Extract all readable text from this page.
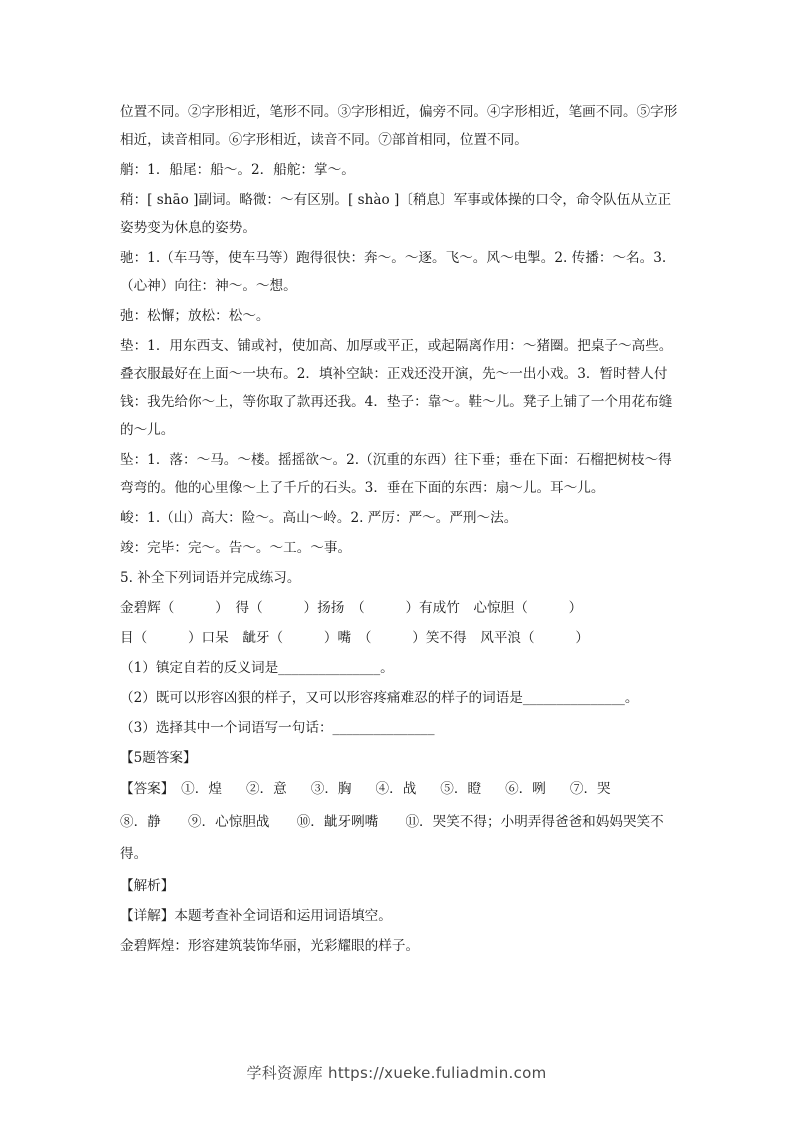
位置不同。②字形相近，笔形不同。③字形相近，偏旁不同。④字形相近，笔画不同。⑤字形相近，读音相同。⑥字形相近，读音不同。⑦部首相同，位置不同。

艄：1．船尾：船～。2．船舵：掌～。

稍：[ shāo ]副词。略微：～有区别。[ shào ]〔稍息〕军事或体操的口令，命令队伍从立正姿势变为休息的姿势。

驰：1.（车马等，使车马等）跑得很快：奔～。～逐。飞～。风～电掣。2. 传播：～名。3.（心神）向往：神～。～想。

弛：松懈；放松：松～。

垫：1．用东西支、铺或衬，使加高、加厚或平正，或起隔离作用：～猪圈。把桌子～高些。叠衣服最好在上面～一块布。2．填补空缺：正戏还没开演，先～一出小戏。3．暂时替人付钱：我先给你～上，等你取了款再还我。4．垫子：靠～。鞋～儿。凳子上铺了一个用花布缝的～儿。

坠：1．落：～马。～楼。摇摇欲～。2.（沉重的东西）往下垂；垂在下面：石榴把树枝～得弯弯的。他的心里像～上了千斤的石头。3．垂在下面的东西：扇～儿。耳～儿。

峻：1.（山）高大：险～。高山～岭。2. 严厉：严～。严刑～法。

竣：完毕：完～。告～。～工。～事。

5. 补全下列词语并完成练习。

金碧辉（　　　）　得（　　　）扬扬　（　　　）有成竹　心惊胆（　　　）

目（　　　）口呆　龇牙（　　　）嘴　（　　　）笑不得　风平浪（　　　）

（1）镇定自若的反义词是_______________。

（2）既可以形容凶狠的样子，又可以形容疼痛难忍的样子的词语是_______________。

（3）选择其中一个词语写一句话：_______________

【5题答案】

【答案】　 ①．煌 ②．意 ③．胸 ④．战 ⑤．瞪 ⑥．咧 ⑦．哭

⑧．静　　⑨．心惊胆战　　⑩．龇牙咧嘴　　⑪．哭笑不得；小明弄得爸爸和妈妈哭笑不得。

【解析】

【详解】本题考查补全词语和运用词语填空。

金碧辉煌：形容建筑装饰华丽，光彩耀眼的样子。

学科资源库 https://xueke.fuliadmin.com
